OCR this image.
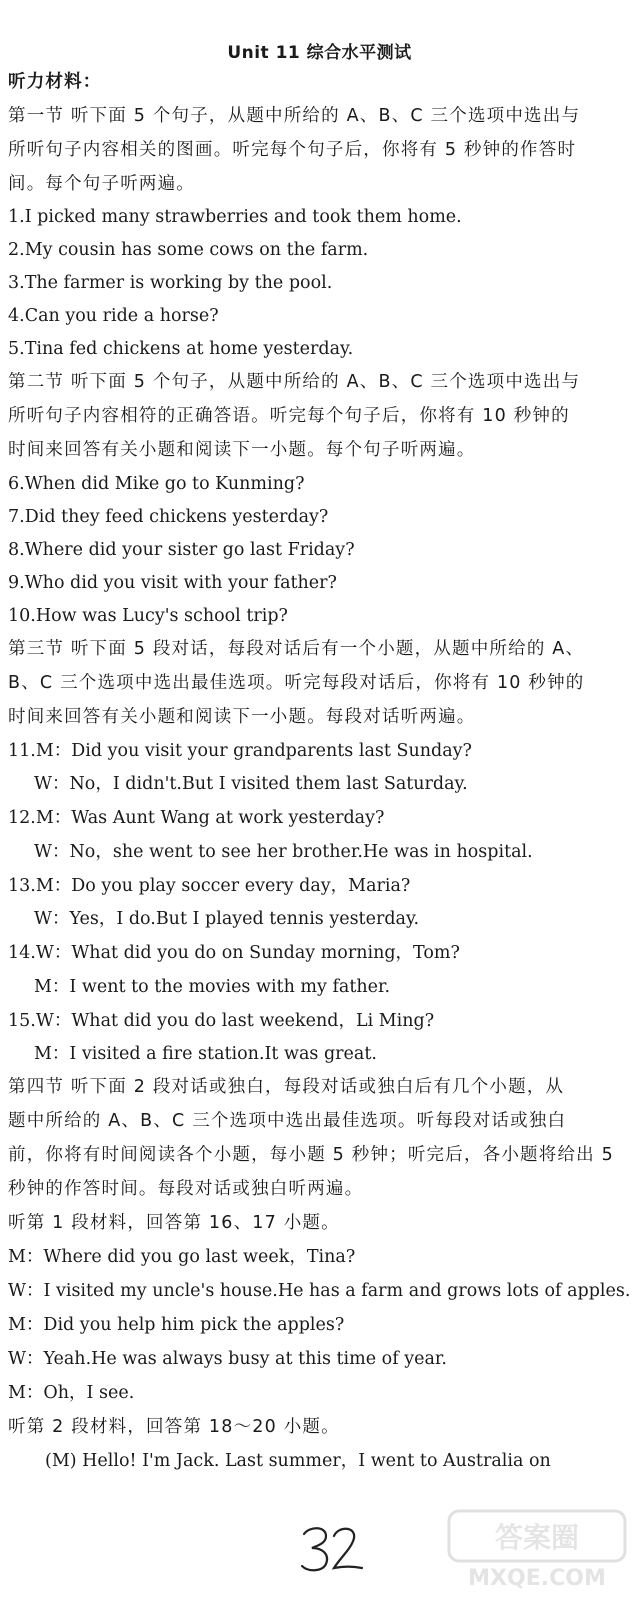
Unit 11 综合水平测试
听力材料：
第一节 听下面 5 个句子，从题中所给的 A、B、C 三个选项中选出与
所听句子内容相关的图画。听完每个句子后，你将有 5 秒钟的作答时
间。每个句子听两遍。
1.I picked many strawberries and took them home.
2.My cousin has some cows on the farm.
3.The farmer is working by the pool.
4.Can you ride a horse?
5.Tina fed chickens at home yesterday.
第二节 听下面 5 个句子，从题中所给的 A、B、C 三个选项中选出与
所听句子内容相符的正确答语。听完每个句子后，你将有 10 秒钟的
时间来回答有关小题和阅读下一小题。每个句子听两遍。
6.When did Mike go to Kunming?
7.Did they feed chickens yesterday?
8.Where did your sister go last Friday?
9.Who did you visit with your father?
10.How was Lucy's school trip?
第三节 听下面 5 段对话，每段对话后有一个小题，从题中所给的 A、
B、C 三个选项中选出最佳选项。听完每段对话后，你将有 10 秒钟的
时间来回答有关小题和阅读下一小题。每段对话听两遍。
11.M：Did you visit your grandparents last Sunday?
W：No，I didn't.But I visited them last Saturday.
12.M：Was Aunt Wang at work yesterday?
W：No，she went to see her brother.He was in hospital.
13.M：Do you play soccer every day，Maria?
W：Yes，I do.But I played tennis yesterday.
14.W：What did you do on Sunday morning，Tom?
M：I went to the movies with my father.
15.W：What did you do last weekend，Li Ming?
M：I visited a fire station.It was great.
第四节 听下面 2 段对话或独白，每段对话或独白后有几个小题，从
题中所给的 A、B、C 三个选项中选出最佳选项。听每段对话或独白
前，你将有时间阅读各个小题，每小题 5 秒钟；听完后，各小题将给出 5
秒钟的作答时间。每段对话或独白听两遍。
听第 1 段材料，回答第 16、17 小题。
M：Where did you go last week，Tina?
W：I visited my uncle's house.He has a farm and grows lots of apples.
M：Did you help him pick the apples?
W：Yeah.He was always busy at this time of year.
M：Oh，I see.
听第 2 段材料，回答第 18～20 小题。
(M) Hello! I'm Jack. Last summer，I went to Australia on
答案圈
MXQE.COM
